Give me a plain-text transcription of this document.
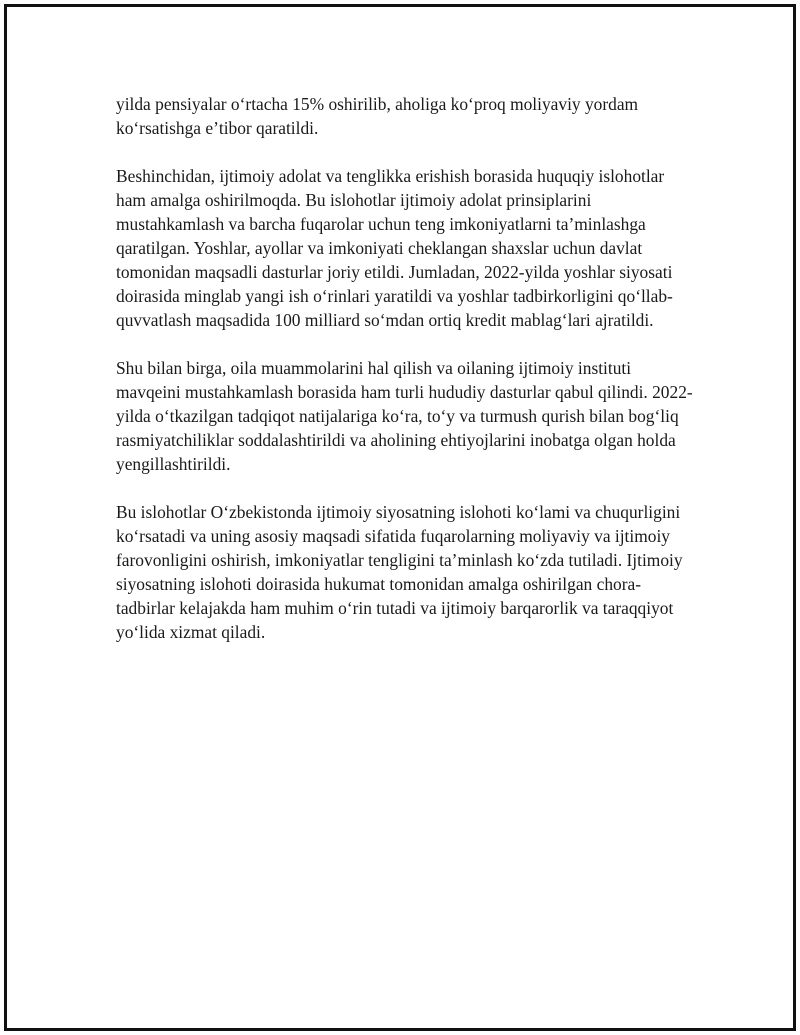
yilda pensiyalar oʻrtacha 15% oshirilib, aholiga koʻproq moliyaviy yordam koʻrsatishga eʼtibor qaratildi.

Beshinchidan, ijtimoiy adolat va tenglikka erishish borasida huquqiy islohotlar ham amalga oshirilmoqda. Bu islohotlar ijtimoiy adolat prinsiplarini mustahkamlash va barcha fuqarolar uchun teng imkoniyatlarni taʼminlashga qaratilgan. Yoshlar, ayollar va imkoniyati cheklangan shaxslar uchun davlat tomonidan maqsadli dasturlar joriy etildi. Jumladan, 2022-yilda yoshlar siyosati doirasida minglab yangi ish oʻrinlari yaratildi va yoshlar tadbirkorligini qoʻllab-quvvatlash maqsadida 100 milliard soʻmdan ortiq kredit mablagʻlari ajratildi.

Shu bilan birga, oila muammolarini hal qilish va oilaning ijtimoiy instituti mavqeini mustahkamlash borasida ham turli hududiy dasturlar qabul qilindi. 2022-yilda oʻtkazilgan tadqiqot natijalariga koʻra, toʻy va turmush qurish bilan bogʻliq rasmiyatchiliklar soddalashtirildi va aholining ehtiyojlarini inobatga olgan holda yengillashtirildi.

Bu islohotlar Oʻzbekistonda ijtimoiy siyosatning islohoti koʻlami va chuqurligini koʻrsatadi va uning asosiy maqsadi sifatida fuqarolarning moliyaviy va ijtimoiy farovonligini oshirish, imkoniyatlar tengligini taʼminlash koʻzda tutiladi. Ijtimoiy siyosatning islohoti doirasida hukumat tomonidan amalga oshirilgan chora-tadbirlar kelajakda ham muhim oʻrin tutadi va ijtimoiy barqarorlik va taraqqiyot yoʻlida xizmat qiladi.
